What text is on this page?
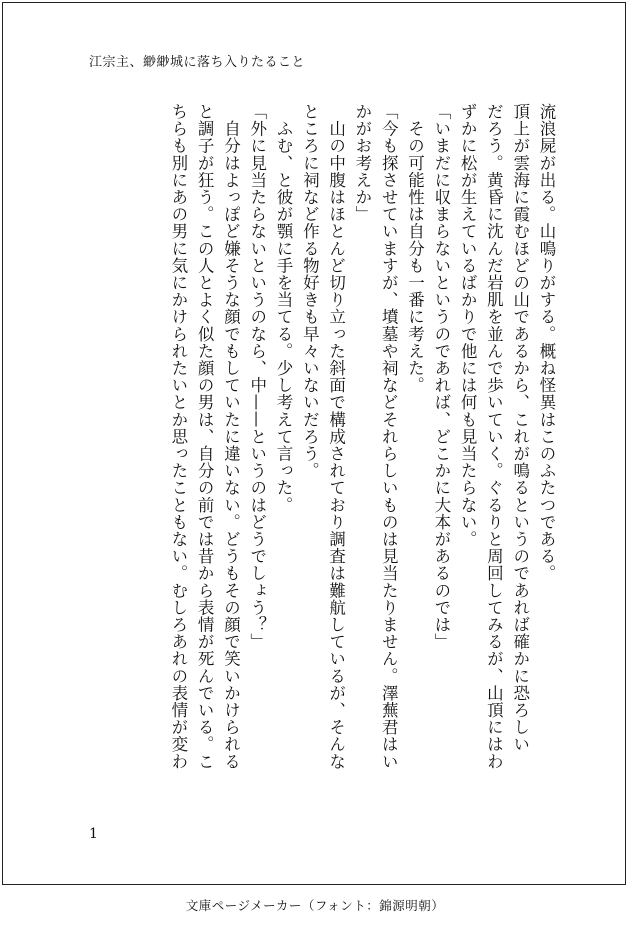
江宗主、緲緲城に落ち入りたること
流浪屍が出る。山鳴りがする。概ね怪異はこのふたつである。
頂上が雲海に霞むほどの山であるから、これが鳴るというのであれば確かに恐ろしい
だろう。黄昏に沈んだ岩肌を並んで歩いていく。ぐるりと周回してみるが、山頂にはわ
ずかに松が生えているばかりで他には何も見当たらない。
「いまだに収まらないというのであれば、どこかに大本があるのでは」
　その可能性は自分も一番に考えた。
「今も探させていますが、墳墓や祠などそれらしいものは見当たりません。澤蕪君はい
かがお考えか」
　山の中腹はほとんど切り立った斜面で構成されており調査は難航しているが、そんな
ところに祠など作る物好きも早々いないだろう。
　ふむ、と彼が顎に手を当てる。少し考えて言った。
「外に見当たらないというのなら、中——というのはどうでしょう？」
　自分はよっぽど嫌そうな顔でもしていたに違いない。どうもその顔で笑いかけられる
と調子が狂う。この人とよく似た顔の男は、自分の前では昔から表情が死んでいる。こ
ちらも別にあの男に気にかけられたいとか思ったこともない。むしろあれの表情が変わ
1
文庫ページメーカー（フォント：錦源明朝）
